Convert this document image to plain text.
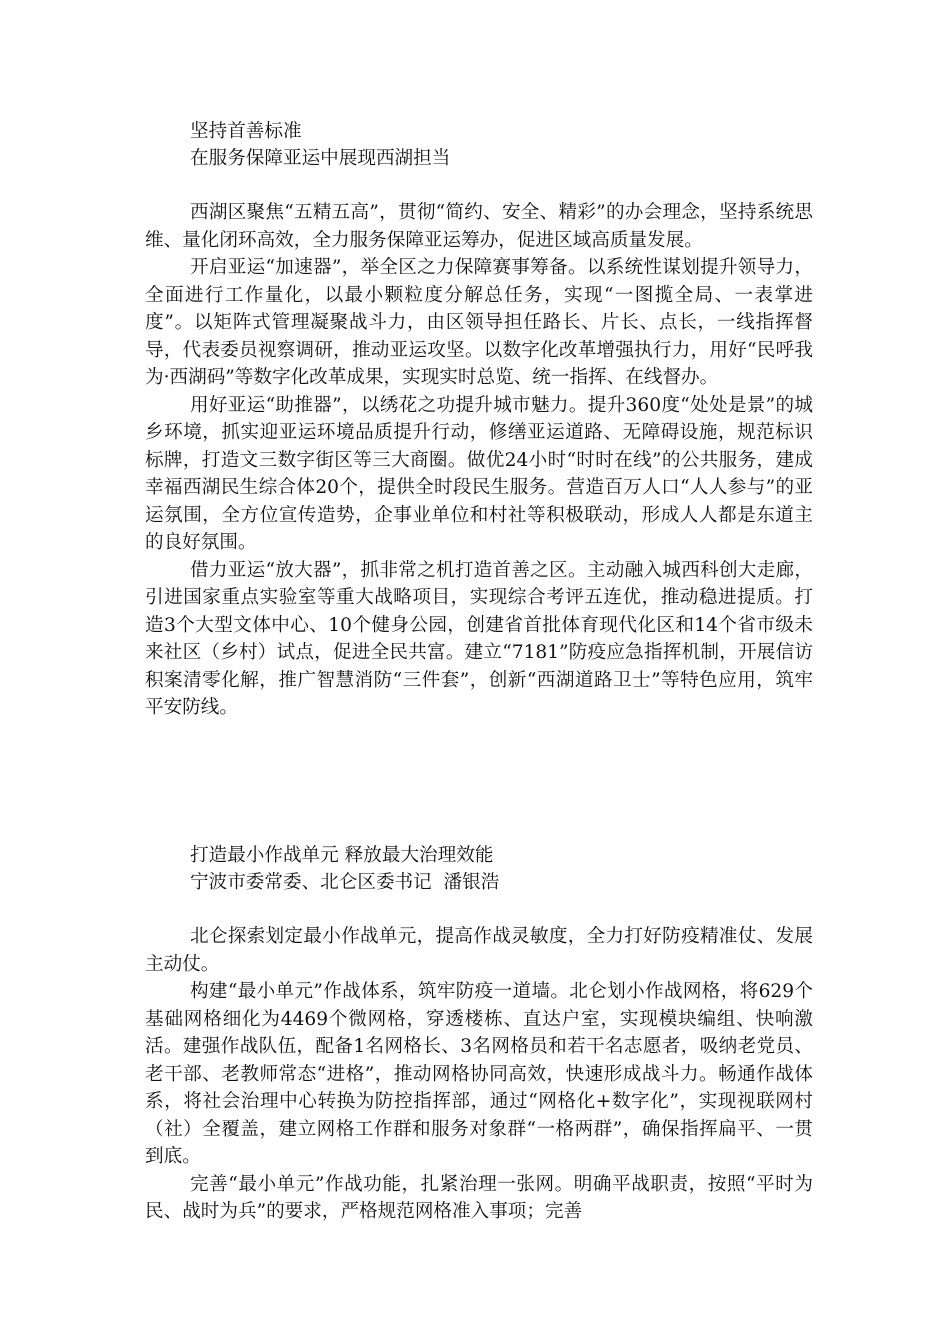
坚持首善标准
在服务保障亚运中展现西湖担当

西湖区聚焦“五精五高”，贯彻“简约、安全、精彩”的办会理念，坚持系统思维、量化闭环高效，全力服务保障亚运筹办，促进区域高质量发展。

开启亚运“加速器”，举全区之力保障赛事筹备。以系统性谋划提升领导力，全面进行工作量化，以最小颗粒度分解总任务，实现“一图揽全局、一表掌进度”。以矩阵式管理凝聚战斗力，由区领导担任路长、片长、点长，一线指挥督导，代表委员视察调研，推动亚运攻坚。以数字化改革增强执行力，用好“民呼我为·西湖码”等数字化改革成果，实现实时总览、统一指挥、在线督办。

用好亚运“助推器”，以绣花之功提升城市魅力。提升360度“处处是景”的城乡环境，抓实迎亚运环境品质提升行动，修缮亚运道路、无障碍设施，规范标识标牌，打造文三数字街区等三大商圈。做优24小时“时时在线”的公共服务，建成幸福西湖民生综合体20个，提供全时段民生服务。营造百万人口“人人参与”的亚运氛围，全方位宣传造势，企事业单位和村社等积极联动，形成人人都是东道主的良好氛围。

借力亚运“放大器”，抓非常之机打造首善之区。主动融入城西科创大走廊，引进国家重点实验室等重大战略项目，实现综合考评五连优，推动稳进提质。打造3个大型文体中心、10个健身公园，创建省首批体育现代化区和14个省市级未来社区（乡村）试点，促进全民共富。建立“7181”防疫应急指挥机制，开展信访积案清零化解，推广智慧消防“三件套”，创新“西湖道路卫士”等特色应用，筑牢平安防线。

打造最小作战单元 释放最大治理效能
宁波市委常委、北仑区委书记  潘银浩

北仑探索划定最小作战单元，提高作战灵敏度，全力打好防疫精准仗、发展主动仗。

构建“最小单元”作战体系，筑牢防疫一道墙。北仑划小作战网格，将629个基础网格细化为4469个微网格，穿透楼栋、直达户室，实现模块编组、快响激活。建强作战队伍，配备1名网格长、3名网格员和若干名志愿者，吸纳老党员、老干部、老教师常态“进格”，推动网格协同高效，快速形成战斗力。畅通作战体系，将社会治理中心转换为防控指挥部，通过“网格化+数字化”，实现视联网村（社）全覆盖，建立网格工作群和服务对象群“一格两群”，确保指挥扁平、一贯到底。

完善“最小单元”作战功能，扎紧治理一张网。明确平战职责，按照“平时为民、战时为兵”的要求，严格规范网格准入事项；完善
